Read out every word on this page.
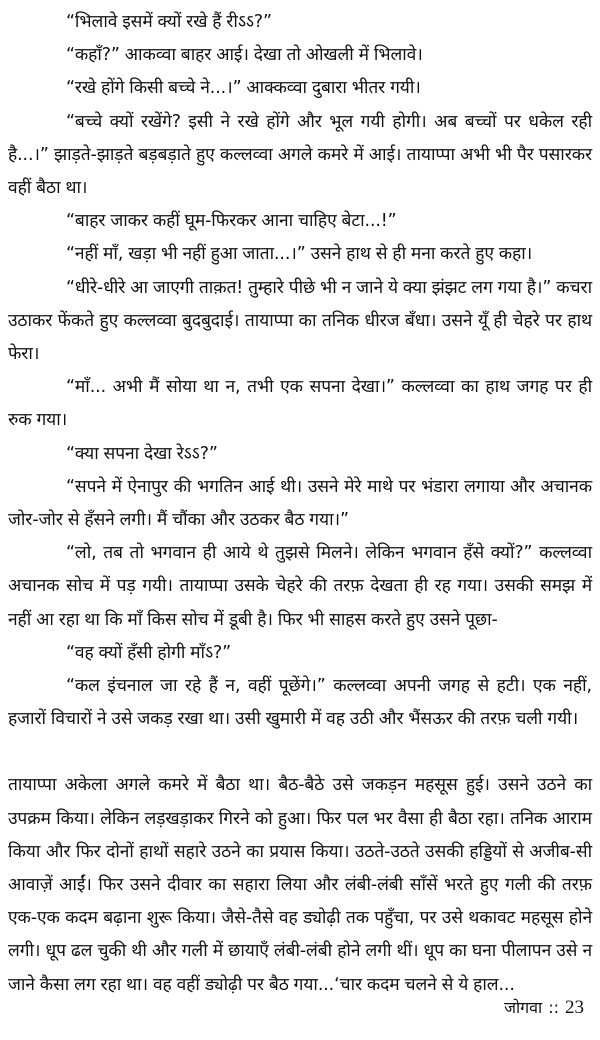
“भिलावे इसमें क्यों रखे हैं रीऽऽ?”

“कहाँ?” आकव्वा बाहर आई। देखा तो ओखली में भिलावे।

“रखे होंगे किसी बच्चे ने...।” आक्कव्वा दुबारा भीतर गयी।

“बच्चे क्यों रखेंगे? इसी ने रखे होंगे और भूल गयी होगी। अब बच्चों पर धकेल रही है...।” झाड़ते-झाड़ते बड़बड़ाते हुए कल्लव्वा अगले कमरे में आई। तायाप्पा अभी भी पैर पसारकर वहीं बैठा था।

“बाहर जाकर कहीं घूम-फिरकर आना चाहिए बेटा...!”

“नहीं माँ, खड़ा भी नहीं हुआ जाता...।” उसने हाथ से ही मना करते हुए कहा।

“धीरे-धीरे आ जाएगी ताक़त! तुम्हारे पीछे भी न जाने ये क्या झंझट लग गया है।” कचरा उठाकर फेंकते हुए कल्लव्वा बुदबुदाई। तायाप्पा का तनिक धीरज बँधा। उसने यूँ ही चेहरे पर हाथ फेरा।

“माँ... अभी मैं सोया था न, तभी एक सपना देखा।” कल्लव्वा का हाथ जगह पर ही रुक गया।

“क्या सपना देखा रेऽऽ?”

“सपने में ऐनापुर की भगतिन आई थी। उसने मेरे माथे पर भंडारा लगाया और अचानक जोर-जोर से हँसने लगी। मैं चौंका और उठकर बैठ गया।”

“लो, तब तो भगवान ही आये थे तुझसे मिलने। लेकिन भगवान हँसे क्यों?” कल्लव्वा अचानक सोच में पड़ गयी। तायाप्पा उसके चेहरे की तरफ़ देखता ही रह गया। उसकी समझ में नहीं आ रहा था कि माँ किस सोच में डूबी है। फिर भी साहस करते हुए उसने पूछा-

“वह क्यों हँसी होगी माँऽ?”

“कल इंचनाल जा रहे हैं न, वहीं पूछेंगे।” कल्लव्वा अपनी जगह से हटी। एक नहीं, हजारों विचारों ने उसे जकड़ रखा था। उसी खुमारी में वह उठी और भैंसऊर की तरफ़ चली गयी।

तायाप्पा अकेला अगले कमरे में बैठा था। बैठ-बैठे उसे जकड़न महसूस हुई। उसने उठने का उपक्रम किया। लेकिन लड़खड़ाकर गिरने को हुआ। फिर पल भर वैसा ही बैठा रहा। तनिक आराम किया और फिर दोनों हाथों सहारे उठने का प्रयास किया। उठते-उठते उसकी हड्डियों से अजीब-सी आवाज़ें आईं। फिर उसने दीवार का सहारा लिया और लंबी-लंबी साँसें भरते हुए गली की तरफ़ एक-एक कदम बढ़ाना शुरू किया। जैसे-तैसे वह ड्योढ़ी तक पहुँचा, पर उसे थकावट महसूस होने लगी। धूप ढल चुकी थी और गली में छायाएँ लंबी-लंबी होने लगी थीं। धूप का घना पीलापन उसे न जाने कैसा लग रहा था। वह वहीं ड्योढ़ी पर बैठ गया...‘चार कदम चलने से ये हाल...

जोगवा :: 23
